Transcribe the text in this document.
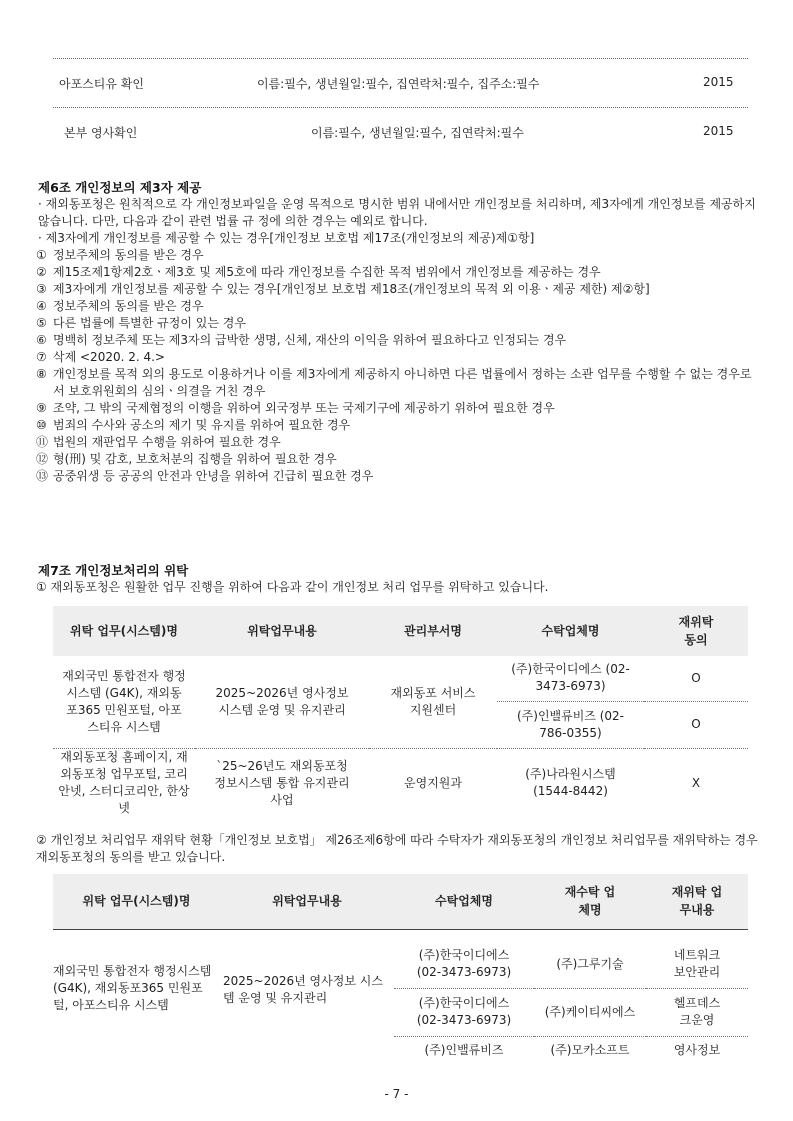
아포스티유 확인	이름:필수, 생년월일:필수, 집연락처:필수, 집주소:필수	2015
본부 영사확인	이름:필수, 생년월일:필수, 집연락처:필수	2015
제6조 개인정보의 제3자 제공
· 재외동포청은 원칙적으로 각 개인정보파일을 운영 목적으로 명시한 범위 내에서만 개인정보를 처리하며, 제3자에게 개인정보를 제공하지 않습니다. 다만, 다음과 같이 관련 법률 규 정에 의한 경우는 예외로 합니다.
· 제3자에게 개인정보를 제공할 수 있는 경우[개인정보 보호법 제17조(개인정보의 제공)제①항]
① 정보주체의 동의를 받은 경우
② 제15조제1항제2호ㆍ제3호 및 제5호에 따라 개인정보를 수집한 목적 범위에서 개인정보를 제공하는 경우
③ 제3자에게 개인정보를 제공할 수 있는 경우[개인정보 보호법 제18조(개인정보의 목적 외 이용ㆍ제공 제한) 제②항]
④ 정보주체의 동의를 받은 경우
⑤ 다른 법률에 특별한 규정이 있는 경우
⑥ 명백히 정보주체 또는 제3자의 급박한 생명, 신체, 재산의 이익을 위하여 필요하다고 인정되는 경우
⑦ 삭제 <2020. 2. 4.>
⑧ 개인정보를 목적 외의 용도로 이용하거나 이를 제3자에게 제공하지 아니하면 다른 법률에서 정하는 소관 업무를 수행할 수 없는 경우로서 보호위원회의 심의ㆍ의결을 거친 경우
⑨ 조약, 그 밖의 국제협정의 이행을 위하여 외국정부 또는 국제기구에 제공하기 위하여 필요한 경우
⑩ 범죄의 수사와 공소의 제기 및 유지를 위하여 필요한 경우
⑪ 법원의 재판업무 수행을 위하여 필요한 경우
⑫ 형(刑) 및 감호, 보호처분의 집행을 위하여 필요한 경우
⑬ 공중위생 등 공공의 안전과 안녕을 위하여 긴급히 필요한 경우
제7조 개인정보처리의 위탁
① 재외동포청은 원활한 업무 진행을 위하여 다음과 같이 개인정보 처리 업무를 위탁하고 있습니다.
위탁 업무(시스템)명	위탁업무내용	관리부서명	수탁업체명	재위탁 동의
재외국민 통합전자 행정시스템 (G4K), 재외동포365 민원포털, 아포스티유 시스템	2025~2026년 영사정보 시스템 운영 및 유지관리	재외동포 서비스 지원센터	(주)한국이디에스 (02-3473-6973)	O
			(주)인밸류비즈 (02-786-0355)	O
재외동포청 홈페이지, 재외동포청 업무포털, 코리안넷, 스터디코리안, 한상넷	`25~26년도 재외동포청 정보시스템 통합 유지관리 사업	운영지원과	(주)나라원시스템 (1544-8442)	X
② 개인정보 처리업무 재위탁 현황「개인정보 보호법」 제26조제6항에 따라 수탁자가 재외동포청의 개인정보 처리업무를 재위탁하는 경우 재외동포청의 동의를 받고 있습니다.
위탁 업무(시스템)명	위탁업무내용	수탁업체명	재수탁 업체명	재위탁 업무내용

재외국민 통합전자 행정시스템 (G4K), 재외동포365 민원포털, 아포스티유 시스템	2025~2026년 영사정보 시스템 운영 및 유지관리	(주)한국이디에스 (02-3473-6973)	(주)그루기술	네트워크 보안관리
		(주)한국이디에스 (02-3473-6973)	(주)케이티씨에스	헬프데스크운영
		(주)인밸류비즈	(주)모카소프트	영사정보
- 7 -
